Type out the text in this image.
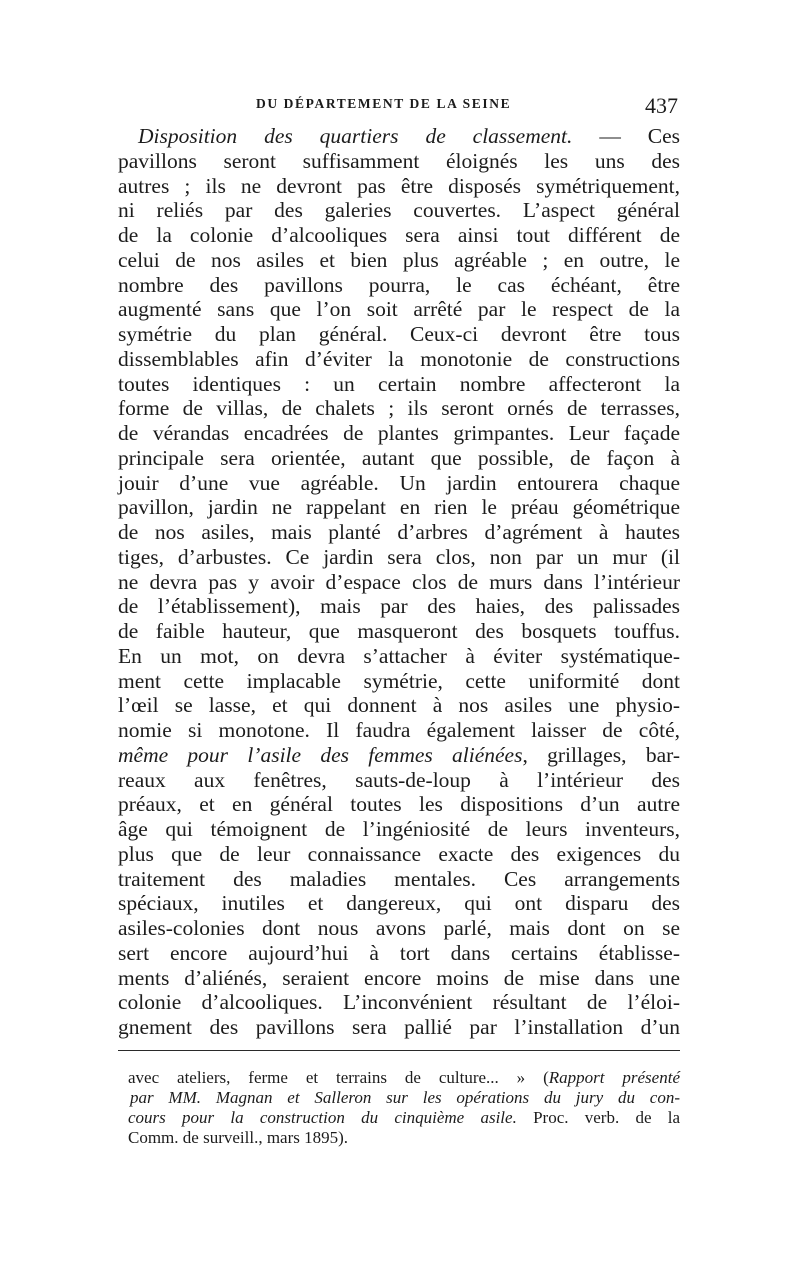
DU DÉPARTEMENT DE LA SEINE	437
Disposition des quartiers de classement. — Ces
pavillons seront suffisamment éloignés les uns des
autres ; ils ne devront pas être disposés symétriquement,
ni reliés par des galeries couvertes. L’aspect général
de la colonie d’alcooliques sera ainsi tout différent de
celui de nos asiles et bien plus agréable ; en outre, le
nombre des pavillons pourra, le cas échéant, être
augmenté sans que l’on soit arrêté par le respect de la
symétrie du plan général. Ceux-ci devront être tous
dissemblables afin d’éviter la monotonie de constructions
toutes identiques : un certain nombre affecteront la
forme de villas, de chalets ; ils seront ornés de terrasses,
de vérandas encadrées de plantes grimpantes. Leur façade
principale sera orientée, autant que possible, de façon à
jouir d’une vue agréable. Un jardin entourera chaque
pavillon, jardin ne rappelant en rien le préau géométrique
de nos asiles, mais planté d’arbres d’agrément à hautes
tiges, d’arbustes. Ce jardin sera clos, non par un mur (il
ne devra pas y avoir d’espace clos de murs dans l’intérieur
de l’établissement), mais par des haies, des palissades
de faible hauteur, que masqueront des bosquets touffus.
En un mot, on devra s’attacher à éviter systématique-
ment cette implacable symétrie, cette uniformité dont
l’œil se lasse, et qui donnent à nos asiles une physio-
nomie si monotone. Il faudra également laisser de côté,
même pour l’asile des femmes aliénées, grillages, bar-
reaux aux fenêtres, sauts-de-loup à l’intérieur des
préaux, et en général toutes les dispositions d’un autre
âge qui témoignent de l’ingéniosité de leurs inventeurs,
plus que de leur connaissance exacte des exigences du
traitement des maladies mentales. Ces arrangements
spéciaux, inutiles et dangereux, qui ont disparu des
asiles-colonies dont nous avons parlé, mais dont on se
sert encore aujourd’hui à tort dans certains établisse-
ments d’aliénés, seraient encore moins de mise dans une
colonie d’alcooliques. L’inconvénient résultant de l’éloi-
gnement des pavillons sera pallié par l’installation d’un
avec ateliers, ferme et terrains de culture... » (Rapport présenté
par MM. Magnan et Salleron sur les opérations du jury du con-
cours pour la construction du cinquième asile. Proc. verb. de la
Comm. de surveill., mars 1895).
